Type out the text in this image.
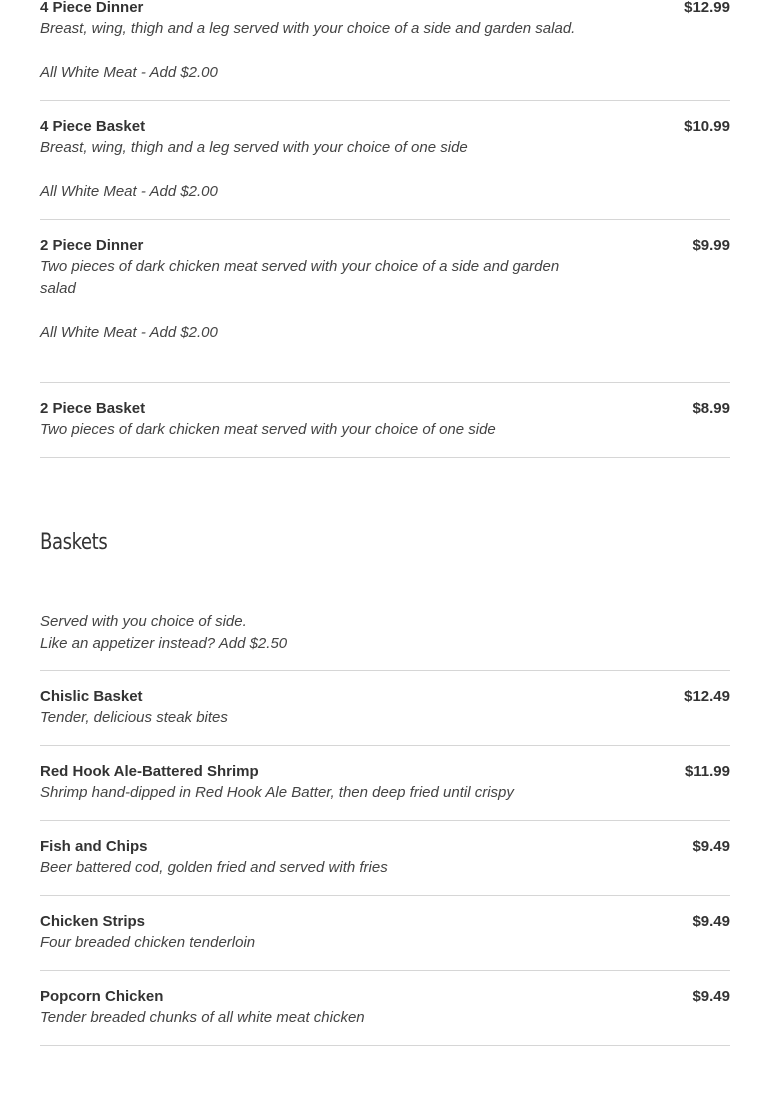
4 Piece Dinner	$12.99

Breast, wing, thigh and a leg served with your choice of a side and garden salad.

All White Meat - Add $2.00

4 Piece Basket	$10.99

Breast, wing, thigh and a leg served with your choice of one side

All White Meat - Add $2.00

2 Piece Dinner	$9.99

Two pieces of dark chicken meat served with your choice of a side and garden salad

All White Meat - Add $2.00

2 Piece Basket	$8.99

Two pieces of dark chicken meat served with your choice of one side

Baskets

Served with you choice of side.

Like an appetizer instead? Add $2.50

Chislic Basket	$12.49

Tender, delicious steak bites

Red Hook Ale-Battered Shrimp	$11.99

Shrimp hand-dipped in Red Hook Ale Batter, then deep fried until crispy

Fish and Chips	$9.49

Beer battered cod, golden fried and served with fries

Chicken Strips	$9.49

Four breaded chicken tenderloin

Popcorn Chicken	$9.49

Tender breaded chunks of all white meat chicken
